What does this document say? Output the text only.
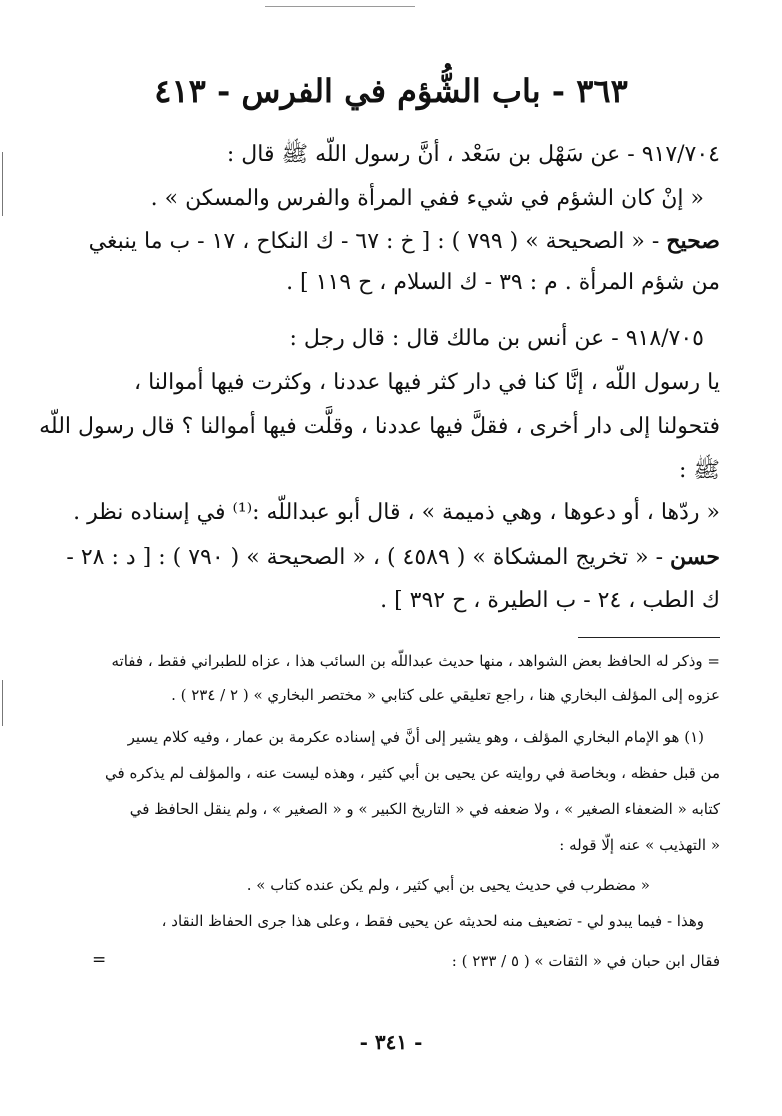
٣٦٣ - باب الشُّؤم في الفرس - ٤١٣
٩١٧/٧٠٤ - عن سَهْل بن سَعْد ، أنَّ رسول اللّه ﷺ قال :
« إنْ كان الشؤم في شيء ففي المرأة والفرس والمسكن » .
صحيح - « الصحيحة » ( ٧٩٩ ) : [ خ : ٦٧ - ك النكاح ، ١٧ - ب ما ينبغي
من شؤم المرأة . م : ٣٩ - ك السلام ، ح ١١٩ ] .
٩١٨/٧٠٥ - عن أنس بن مالك قال : قال رجل :
يا رسول اللّه ، إنَّا كنا في دار كثر فيها عددنا ، وكثرت فيها أموالنا ،
فتحولنا إلى دار أخرى ، فقلَّ فيها عددنا ، وقلَّت فيها أموالنا ؟ قال رسول اللّه
ﷺ :
« ردّها ، أو دعوها ، وهي ذميمة » ، قال أبو عبداللّه :⁽¹⁾ في إسناده نظر .
حسن - « تخريج المشكاة » ( ٤٥٨٩ ) ، « الصحيحة » ( ٧٩٠ ) : [ د : ٢٨ -
ك الطب ، ٢٤ - ب الطيرة ، ح ٣٩٢ ] .
= وذكر له الحافظ بعض الشواهد ، منها حديث عبداللّه بن السائب هذا ، عزاه للطبراني فقط ، ففاته
عزوه إلى المؤلف البخاري هنا ، راجع تعليقي على كتابي « مختصر البخاري » ( ٢ / ٢٣٤ ) .
(١) هو الإمام البخاري المؤلف ، وهو يشير إلى أنَّ في إسناده عكرمة بن عمار ، وفيه كلام يسير
من قبل حفظه ، وبخاصة في روايته عن يحيى بن أبي كثير ، وهذه ليست عنه ، والمؤلف لم يذكره في
كتابه « الضعفاء الصغير » ، ولا ضعفه في « التاريخ الكبير » و « الصغير » ، ولم ينقل الحافظ في
« التهذيب » عنه إلّا قوله :
« مضطرب في حديث يحيى بن أبي كثير ، ولم يكن عنده كتاب » .
وهذا - فيما يبدو لي - تضعيف منه لحديثه عن يحيى فقط ، وعلى هذا جرى الحفاظ النقاد ،
فقال ابن حبان في « الثقات » ( ٥ / ٢٣٣ ) :
=
- ٣٤١ -
